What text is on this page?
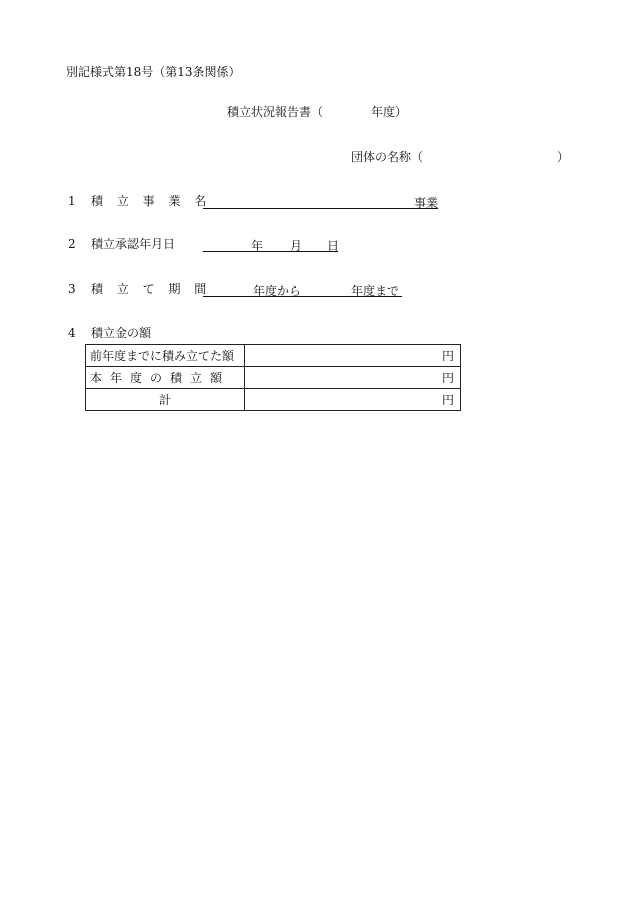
別記様式第18号（第13条関係）
積立状況報告書（	年度）
団体の名称（	）
1 積 立 事 業 名	事業
2 積立承認年月日	年 月 日
3 積 立 て 期 間	年度から	年度まで
4 積立金の額
前年度までに積み立てた額	円
本年度の積立額	円
計	円
